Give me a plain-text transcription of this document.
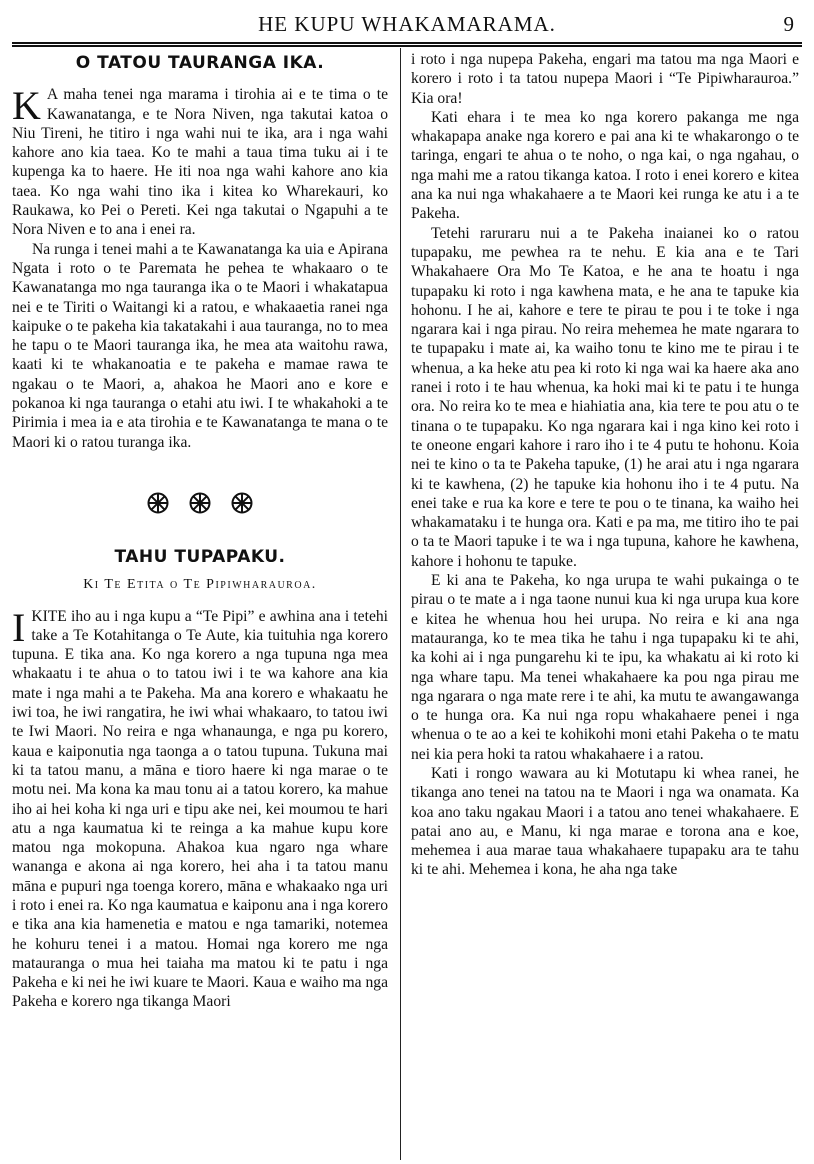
HE KUPU WHAKAMARAMA.	9
O TATOU TAURANGA IKA.

KA maha tenei nga marama i tirohia ai e te tima o te Kawanatanga, e te Nora Niven, nga takutai katoa o Niu Tireni, he titiro i nga wahi nui te ika, ara i nga wahi kahore ano kia taea. Ko te mahi a taua tima tuku ai i te kupenga ka to haere. He iti noa nga wahi kahore ano kia taea. Ko nga wahi tino ika i kitea ko Wharekauri, ko Raukawa, ko Pei o Pereti. Kei nga takutai o Ngapuhi a te Nora Niven e to ana i enei ra.

Na runga i tenei mahi a te Kawanatanga ka uia e Apirana Ngata i roto o te Paremata he pehea te whakaaro o te Kawanatanga mo nga tauranga ika o te Maori i whakatapua nei e te Tiriti o Waitangi ki a ratou, e whakaaetia ranei nga kaipuke o te pakeha kia takatakahi i aua tauranga, no to mea he tapu o te Maori tauranga ika, he mea ata waitohu rawa, kaati ki te whakanoatia e te pakeha e mamae rawa te ngakau o te Maori, a, ahakoa he Maori ano e kore e pokanoa ki nga tauranga o etahi atu iwi. I te whakahoki a te Pirimia i mea ia e ata tirohia e te Kawanatanga te mana o te Maori ki o ratou turanga ika.

TAHU TUPAPAKU.
Ki Te Etita o Te Pipiwharauroa.

IKITE iho au i nga kupu a “Te Pipi” e awhina ana i tetehi take a Te Kotahitanga o Te Aute, kia tuituhia nga korero tupuna. E tika ana. Ko nga korero a nga tupuna nga mea whakaatu i te ahua o to tatou iwi i te wa kahore ana kia mate i nga mahi a te Pakeha. Ma ana korero e whakaatu he iwi toa, he iwi rangatira, he iwi whai whakaaro, to tatou iwi te Iwi Maori. No reira e nga whanaunga, e nga pu korero, kaua e kaiponutia nga taonga a o tatou tupuna. Tukuna mai ki ta tatou manu, a māna e tioro haere ki nga marae o te motu nei. Ma kona ka mau tonu ai a tatou korero, ka mahue iho ai hei koha ki nga uri e tipu ake nei, kei moumou te hari atu a nga kaumatua ki te reinga a ka mahue kupu kore matou nga mokopuna. Ahakoa kua ngaro nga whare wananga e akona ai nga korero, hei aha i ta tatou manu māna e pupuri nga toenga korero, māna e whakaako nga uri i roto i enei ra. Ko nga kaumatua e kaiponu ana i nga korero e tika ana kia hamenetia e matou e nga tamariki, notemea he kohuru tenei i a matou. Homai nga korero me nga matauranga o mua hei taiaha ma matou ki te patu i nga Pakeha e ki nei he iwi kuare te Maori. Kaua e waiho ma nga Pakeha e korero nga tikanga Maori

i roto i nga nupepa Pakeha, engari ma tatou ma nga Maori e korero i roto i ta tatou nupepa Maori i “Te Pipiwharauroa.” Kia ora!

Kati ehara i te mea ko nga korero pakanga me nga whakapapa anake nga korero e pai ana ki te whakarongo o te taringa, engari te ahua o te noho, o nga kai, o nga ngahau, o nga mahi me a ratou tikanga katoa. I roto i enei korero e kitea ana ka nui nga whakahaere a te Maori kei runga ke atu i a te Pakeha.

Tetehi raruraru nui a te Pakeha inaianei ko o ratou tupapaku, me pewhea ra te nehu. E kia ana e te Tari Whakahaere Ora Mo Te Katoa, e he ana te hoatu i nga tupapaku ki roto i nga kawhena mata, e he ana te tapuke kia hohonu. I he ai, kahore e tere te pirau te pou i te toke i nga ngarara kai i nga pirau. No reira mehemea he mate ngarara to te tupapaku i mate ai, ka waiho tonu te kino me te pirau i te whenua, a ka heke atu pea ki roto ki nga wai ka haere aka ano ranei i roto i te hau whenua, ka hoki mai ki te patu i te hunga ora. No reira ko te mea e hiahiatia ana, kia tere te pou atu o te tinana o te tupapaku. Ko nga ngarara kai i nga kino kei roto i te oneone engari kahore i raro iho i te 4 putu te hohonu. Koia nei te kino o ta te Pakeha tapuke, (1) he arai atu i nga ngarara ki te kawhena, (2) he tapuke kia hohonu iho i te 4 putu. Na enei take e rua ka kore e tere te pou o te tinana, ka waiho hei whakamataku i te hunga ora. Kati e pa ma, me titiro iho te pai o ta te Maori tapuke i te wa i nga tupuna, kahore he kawhena, kahore i hohonu te tapuke.

E ki ana te Pakeha, ko nga urupa te wahi pukainga o te pirau o te mate a i nga taone nunui kua ki nga urupa kua kore e kitea he whenua hou hei urupa. No reira e ki ana nga matauranga, ko te mea tika he tahu i nga tupapaku ki te ahi, ka kohi ai i nga pungarehu ki te ipu, ka whakatu ai ki roto ki nga whare tapu. Ma tenei whakahaere ka pou nga pirau me nga ngarara o nga mate rere i te ahi, ka mutu te awangawanga o te hunga ora. Ka nui nga ropu whakahaere penei i nga whenua o te ao a kei te kohikohi moni etahi Pakeha o te matu nei kia pera hoki ta ratou whakahaere i a ratou.

Kati i rongo wawara au ki Motutapu ki whea ranei, he tikanga ano tenei na tatou na te Maori i nga wa onamata. Ka koa ano taku ngakau Maori i a tatou ano tenei whakahaere. E patai ano au, e Manu, ki nga marae e torona ana e koe, mehemea i aua marae taua whakahaere tupapaku ara te tahu ki te ahi. Mehemea i kona, he aha nga take
